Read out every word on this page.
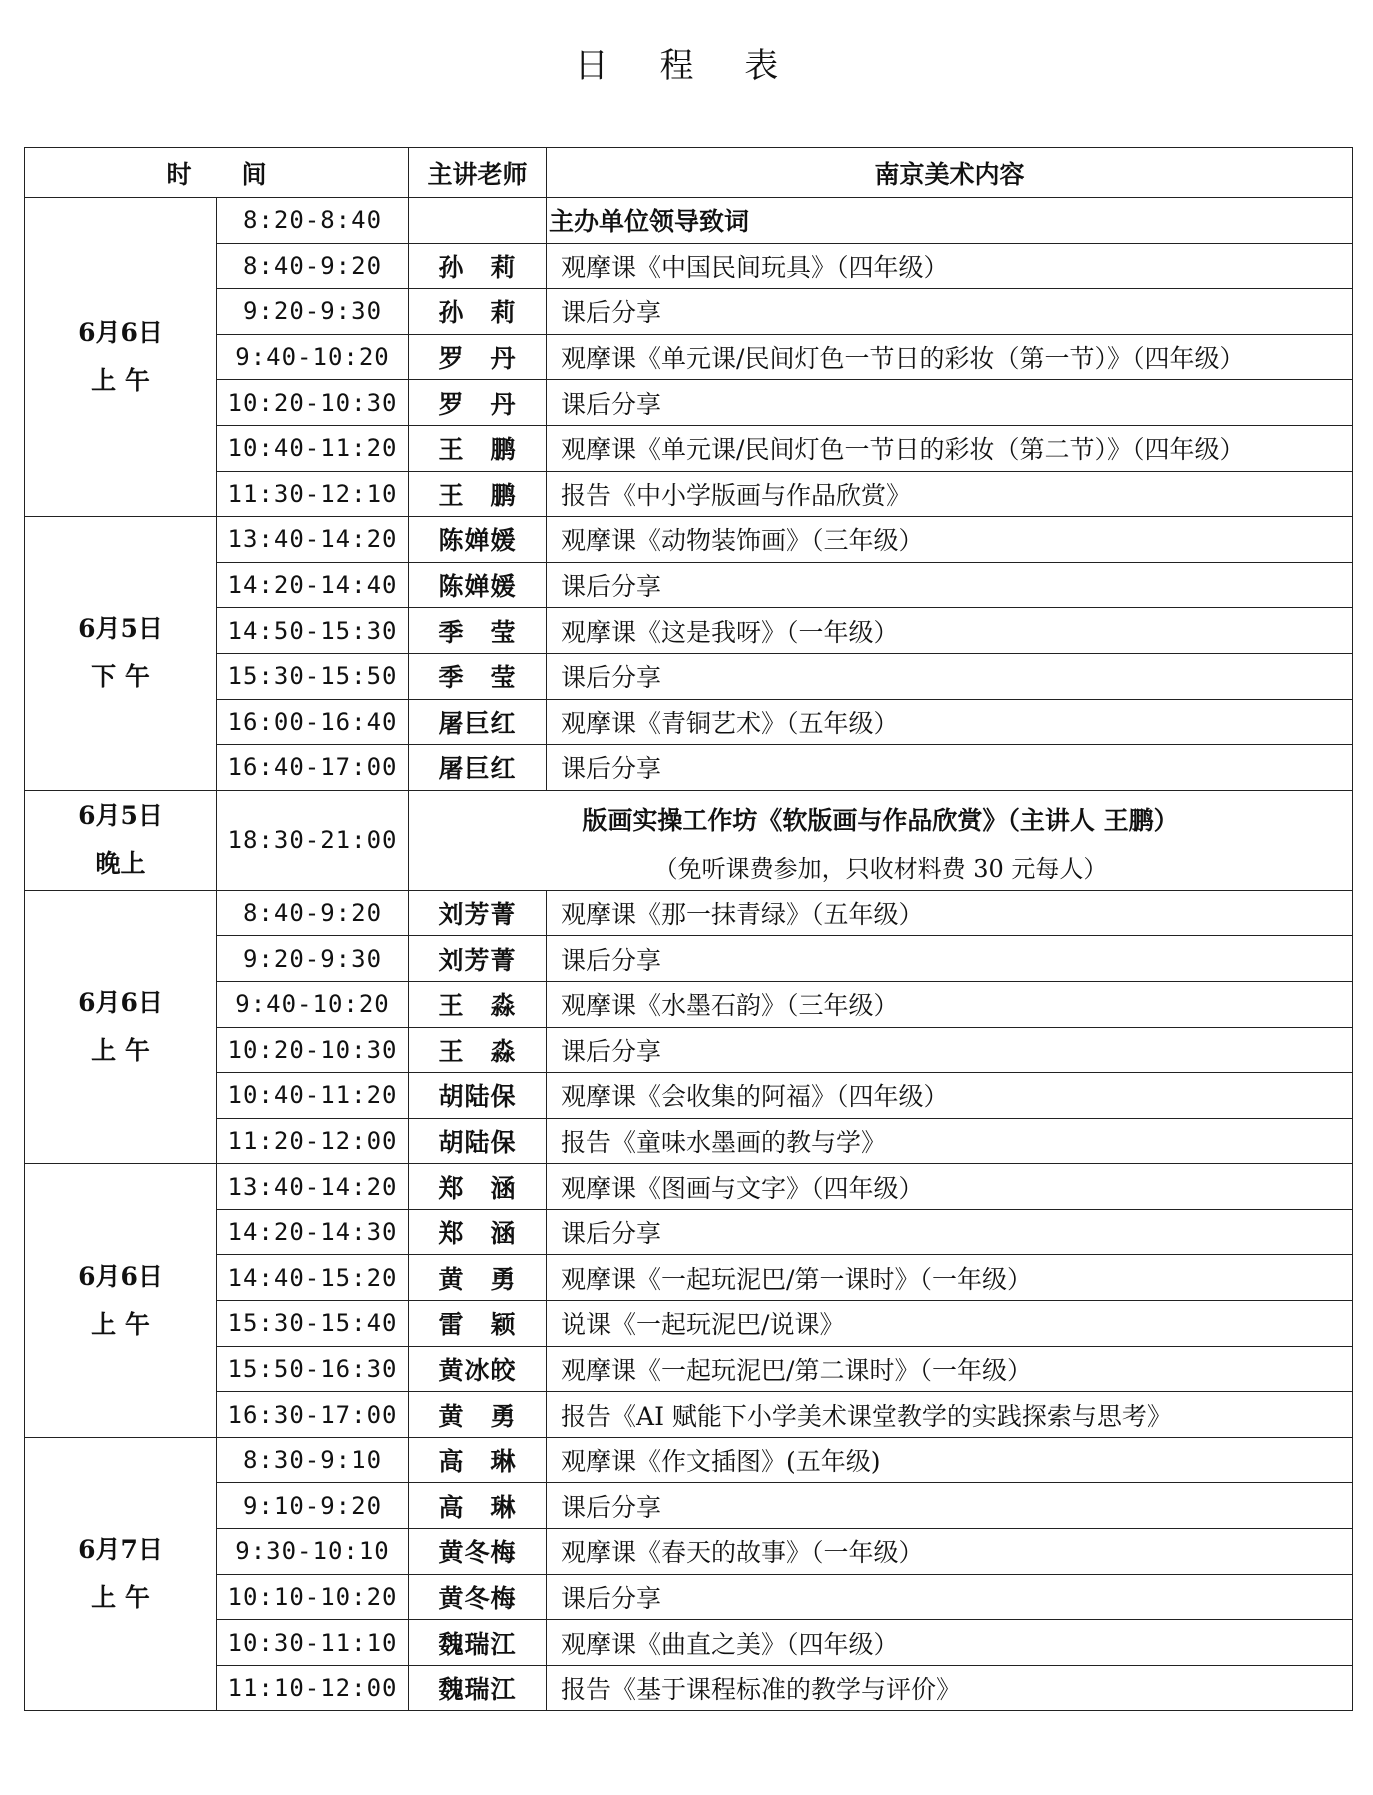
日 程 表
时　　间		主讲老师	南京美术内容

6月6日
上 午	8:20-8:40		主办单位领导致词
	8:40-9:20	孙　莉	观摩课《中国民间玩具》（四年级）
	9:20-9:30	孙　莉	课后分享
	9:40-10:20	罗　丹	观摩课《单元课/民间灯色一节日的彩妆（第一节）》（四年级）
	10:20-10:30	罗　丹	课后分享
	10:40-11:20	王　鹏	观摩课《单元课/民间灯色一节日的彩妆（第二节）》（四年级）
	11:30-12:10	王　鹏	报告《中小学版画与作品欣赏》

6月5日
下 午	13:40-14:20	陈婵媛	观摩课《动物装饰画》（三年级）
	14:20-14:40	陈婵媛	课后分享
	14:50-15:30	季　莹	观摩课《这是我呀》（一年级）
	15:30-15:50	季　莹	课后分享
	16:00-16:40	屠巨红	观摩课《青铜艺术》（五年级）
	16:40-17:00	屠巨红	课后分享

6月5日
晚上	18:30-21:00	版画实操工作坊《软版画与作品欣赏》（主讲人 王鹏）
（免听课费参加，只收材料费 30 元每人）	

6月6日
上 午	8:40-9:20	刘芳菁	观摩课《那一抹青绿》（五年级）
	9:20-9:30	刘芳菁	课后分享
	9:40-10:20	王　淼	观摩课《水墨石韵》（三年级）
	10:20-10:30	王　淼	课后分享
	10:40-11:20	胡陆保	观摩课《会收集的阿福》（四年级）
	11:20-12:00	胡陆保	报告《童味水墨画的教与学》

6月6日
上 午	13:40-14:20	郑　涵	观摩课《图画与文字》（四年级）
	14:20-14:30	郑　涵	课后分享
	14:40-15:20	黄　勇	观摩课《一起玩泥巴/第一课时》（一年级）
	15:30-15:40	雷　颖	说课《一起玩泥巴/说课》
	15:50-16:30	黄冰皎	观摩课《一起玩泥巴/第二课时》（一年级）
	16:30-17:00	黄　勇	报告《AI 赋能下小学美术课堂教学的实践探索与思考》

6月7日
上 午	8:30-9:10	高　琳	观摩课《作文插图》(五年级)
	9:10-9:20	高　琳	课后分享
	9:30-10:10	黄冬梅	观摩课《春天的故事》（一年级）
	10:10-10:20	黄冬梅	课后分享
	10:30-11:10	魏瑞江	观摩课《曲直之美》（四年级）
	11:10-12:00	魏瑞江	报告《基于课程标准的教学与评价》
